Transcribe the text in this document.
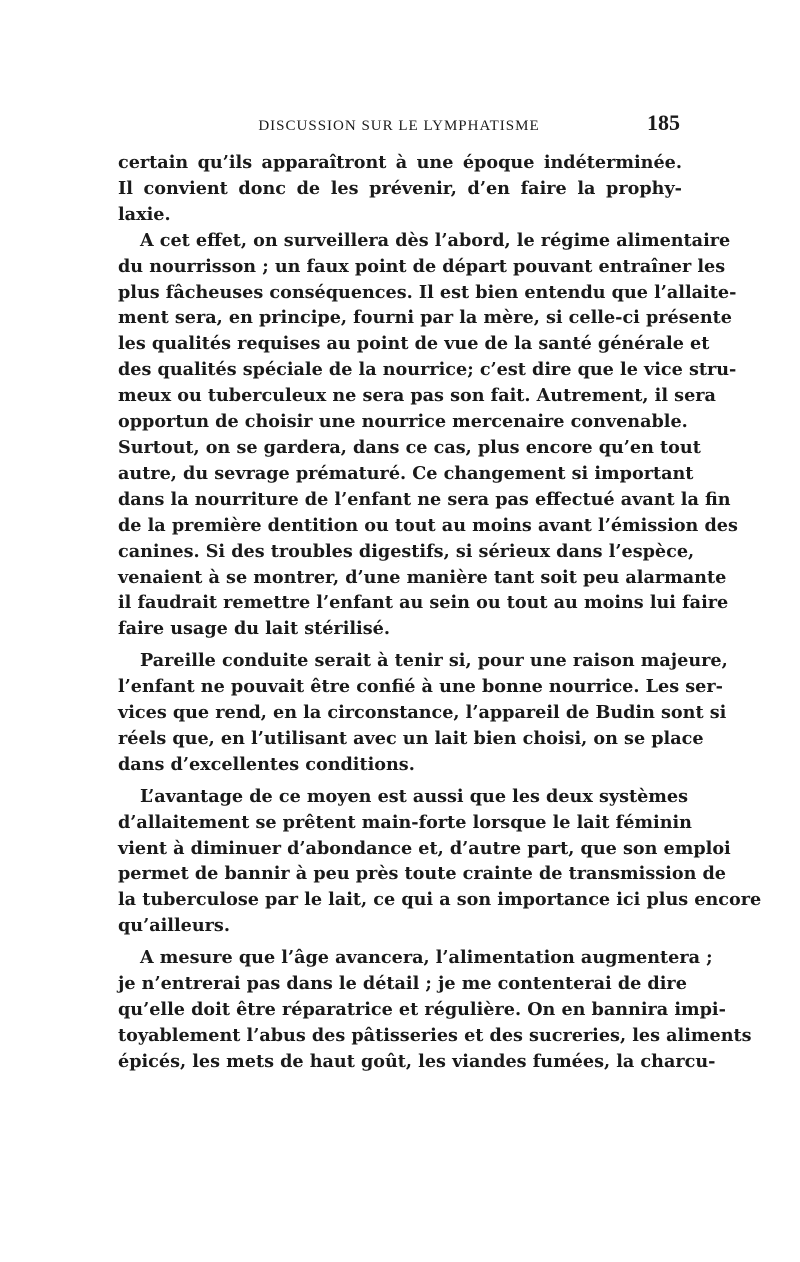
DISCUSSION SUR LE LYMPHATISME	185
certain qu’ils apparaîtront à une époque indéterminée.
Il convient donc de les prévenir, d’en faire la prophy-
laxie.
A cet effet, on surveillera dès l’abord, le régime alimentaire
du nourrisson ; un faux point de départ pouvant entraîner les
plus fâcheuses conséquences. Il est bien entendu que l’allaite-
ment sera, en principe, fourni par la mère, si celle-ci présente
les qualités requises au point de vue de la santé générale et
des qualités spéciale de la nourrice; c’est dire que le vice stru-
meux ou tuberculeux ne sera pas son fait. Autrement, il sera
opportun de choisir une nourrice mercenaire convenable.
Surtout, on se gardera, dans ce cas, plus encore qu’en tout
autre, du sevrage prématuré. Ce changement si important
dans la nourriture de l’enfant ne sera pas effectué avant la fin
de la première dentition ou tout au moins avant l’émission des
canines. Si des troubles digestifs, si sérieux dans l’espèce,
venaient à se montrer, d’une manière tant soit peu alarmante
il faudrait remettre l’enfant au sein ou tout au moins lui faire
faire usage du lait stérilisé.
Pareille conduite serait à tenir si, pour une raison majeure,
l’enfant ne pouvait être confié à une bonne nourrice. Les ser-
vices que rend, en la circonstance, l’appareil de Budin sont si
réels que, en l’utilisant avec un lait bien choisi, on se place
dans d’excellentes conditions.
L’avantage de ce moyen est aussi que les deux systèmes
d’allaitement se prêtent main-forte lorsque le lait féminin
vient à diminuer d’abondance et, d’autre part, que son emploi
permet de bannir à peu près toute crainte de transmission de
la tuberculose par le lait, ce qui a son importance ici plus encore
qu’ailleurs.
A mesure que l’âge avancera, l’alimentation augmentera ;
je n’entrerai pas dans le détail ; je me contenterai de dire
qu’elle doit être réparatrice et régulière. On en bannira impi-
toyablement l’abus des pâtisseries et des sucreries, les aliments
épicés, les mets de haut goût, les viandes fumées, la charcu-
